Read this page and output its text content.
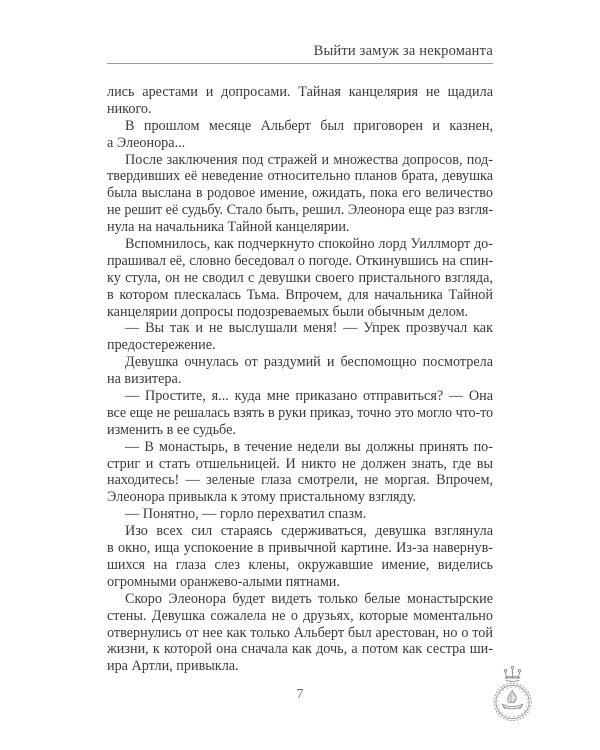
Выйти замуж за некроманта
лись арестами и допросами. Тайная канцелярия не щадила
никого.
В прошлом месяце Альберт был приговорен и казнен,
а Элеонора...
После заключения под стражей и множества допросов, под-
твердивших её неведение относительно планов брата, девушка
была выслана в родовое имение, ожидать, пока его величество
не решит её судьбу. Стало быть, решил. Элеонора еще раз взгля-
нула на начальника Тайной канцелярии.
Вспомнилось, как подчеркнуто спокойно лорд Уиллморт до-
прашивал её, словно беседовал о погоде. Откинувшись на спин-
ку стула, он не сводил с девушки своего пристального взгляда,
в котором плескалась Тьма. Впрочем, для начальника Тайной
канцелярии допросы подозреваемых были обычным делом.
— Вы так и не выслушали меня! — Упрек прозвучал как
предостережение.
Девушка очнулась от раздумий и беспомощно посмотрела
на визитера.
— Простите, я... куда мне приказано отправиться? — Она
все еще не решалась взять в руки приказ, точно это могло что-то
изменить в ее судьбе.
— В монастырь, в течение недели вы должны принять по-
стриг и стать отшельницей. И никто не должен знать, где вы
находитесь! — зеленые глаза смотрели, не моргая. Впрочем,
Элеонора привыкла к этому пристальному взгляду.
— Понятно, — горло перехватил спазм.
Изо всех сил стараясь сдерживаться, девушка взглянула
в окно, ища успокоение в привычной картине. Из-за навернув-
шихся на глаза слез клены, окружавшие имение, виделись
огромными оранжево-алыми пятнами.
Скоро Элеонора будет видеть только белые монастырские
стены. Девушка сожалела не о друзьях, которые моментально
отвернулись от нее как только Альберт был арестован, но о той
жизни, к которой она сначала как дочь, а потом как сестра ши-
ира Артли, привыкла.
7
